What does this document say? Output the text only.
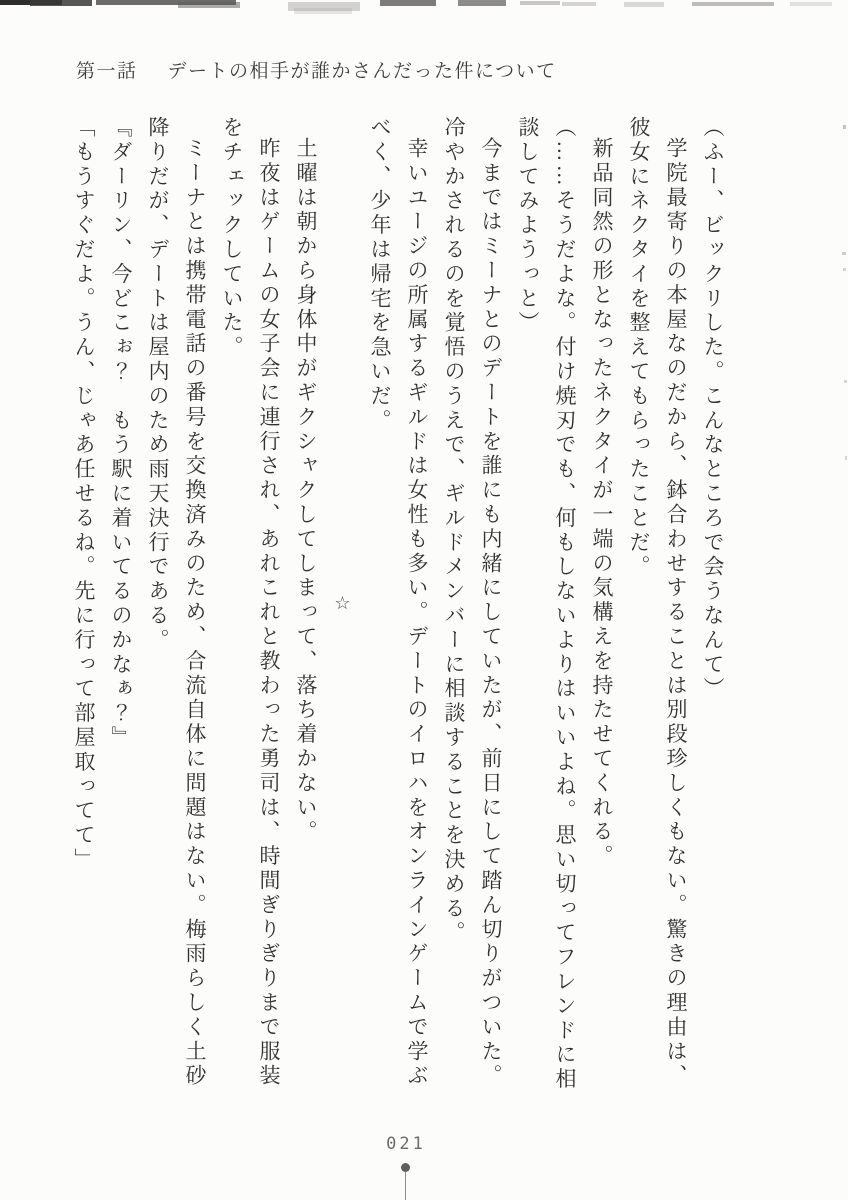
第一話 デートの相手が誰かさんだった件について

（ふー、ビックリした。こんなところで会うなんて）

学院最寄りの本屋なのだから、鉢合わせすることは別段珍しくもない。驚きの理由は、彼女にネクタイを整えてもらったことだ。

新品同然の形となったネクタイが一端の気構えを持たせてくれる。

（……そうだよな。付け焼刃でも、何もしないよりはいいよね。思い切ってフレンドに相談してみようっと）

今まではミーナとのデートを誰にも内緒にしていたが、前日にして踏ん切りがついた。冷やかされるのを覚悟のうえで、ギルドメンバーに相談することを決める。

幸いユージの所属するギルドは女性も多い。デートのイロハをオンラインゲームで学ぶべく、少年は帰宅を急いだ。

☆

土曜は朝から身体中がギクシャクしてしまって、落ち着かない。

昨夜はゲームの女子会に連行され、あれこれと教わった勇司は、時間ぎりぎりまで服装をチェックしていた。

ミーナとは携帯電話の番号を交換済みのため、合流自体に問題はない。梅雨らしく土砂降りだが、デートは屋内のため雨天決行である。

『ダーリン、今どこぉ？　もう駅に着いてるのかなぁ？』

「もうすぐだよ。うん、じゃあ任せるね。先に行って部屋取ってて」

021
